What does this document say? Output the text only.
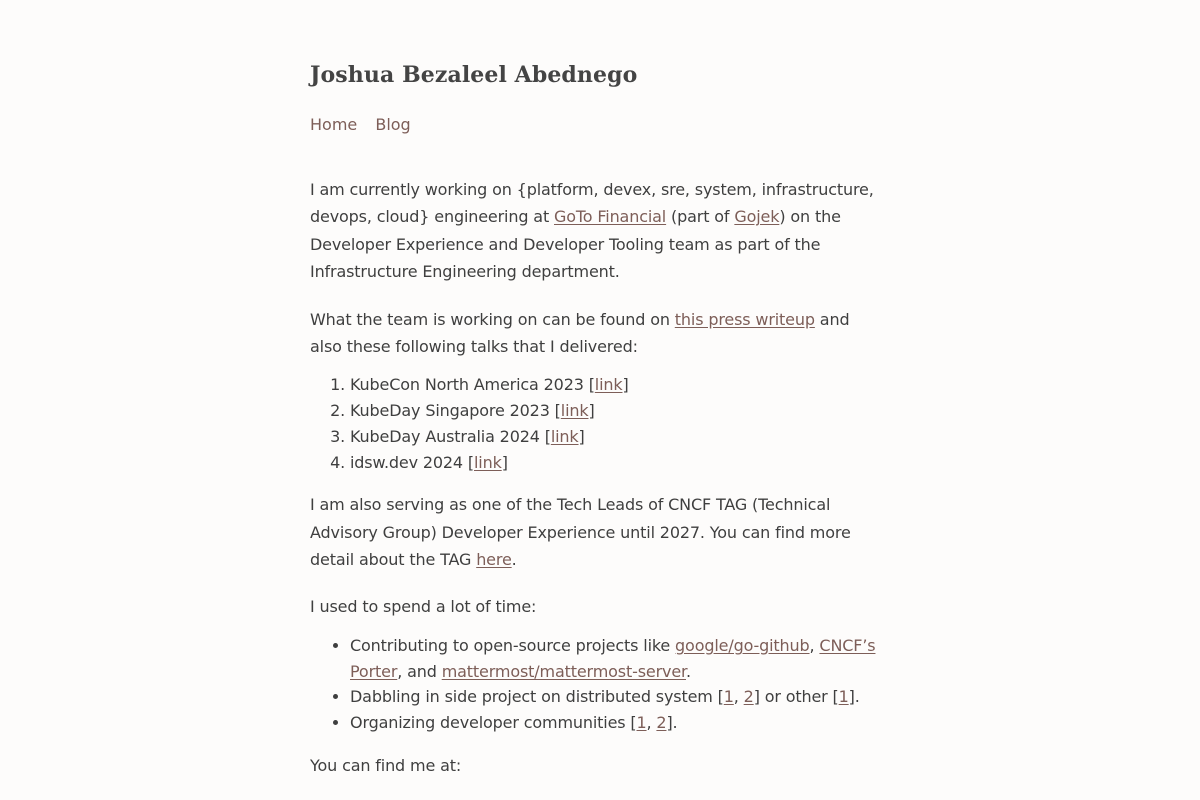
Joshua Bezaleel Abednego
Home Blog

I am currently working on {platform, devex, sre, system, infrastructure, devops, cloud} engineering at GoTo Financial (part of Gojek) on the Developer Experience and Developer Tooling team as part of the Infrastructure Engineering department.

What the team is working on can be found on this press writeup and also these following talks that I delivered:

1. KubeCon North America 2023 [link]
2. KubeDay Singapore 2023 [link]
3. KubeDay Australia 2024 [link]
4. idsw.dev 2024 [link]

I am also serving as one of the Tech Leads of CNCF TAG (Technical Advisory Group) Developer Experience until 2027. You can find more detail about the TAG here.

I used to spend a lot of time:

• Contributing to open-source projects like google/go-github, CNCF’s Porter, and mattermost/mattermost-server.
• Dabbling in side project on distributed system [1, 2] or other [1].
• Organizing developer communities [1, 2].

You can find me at:
